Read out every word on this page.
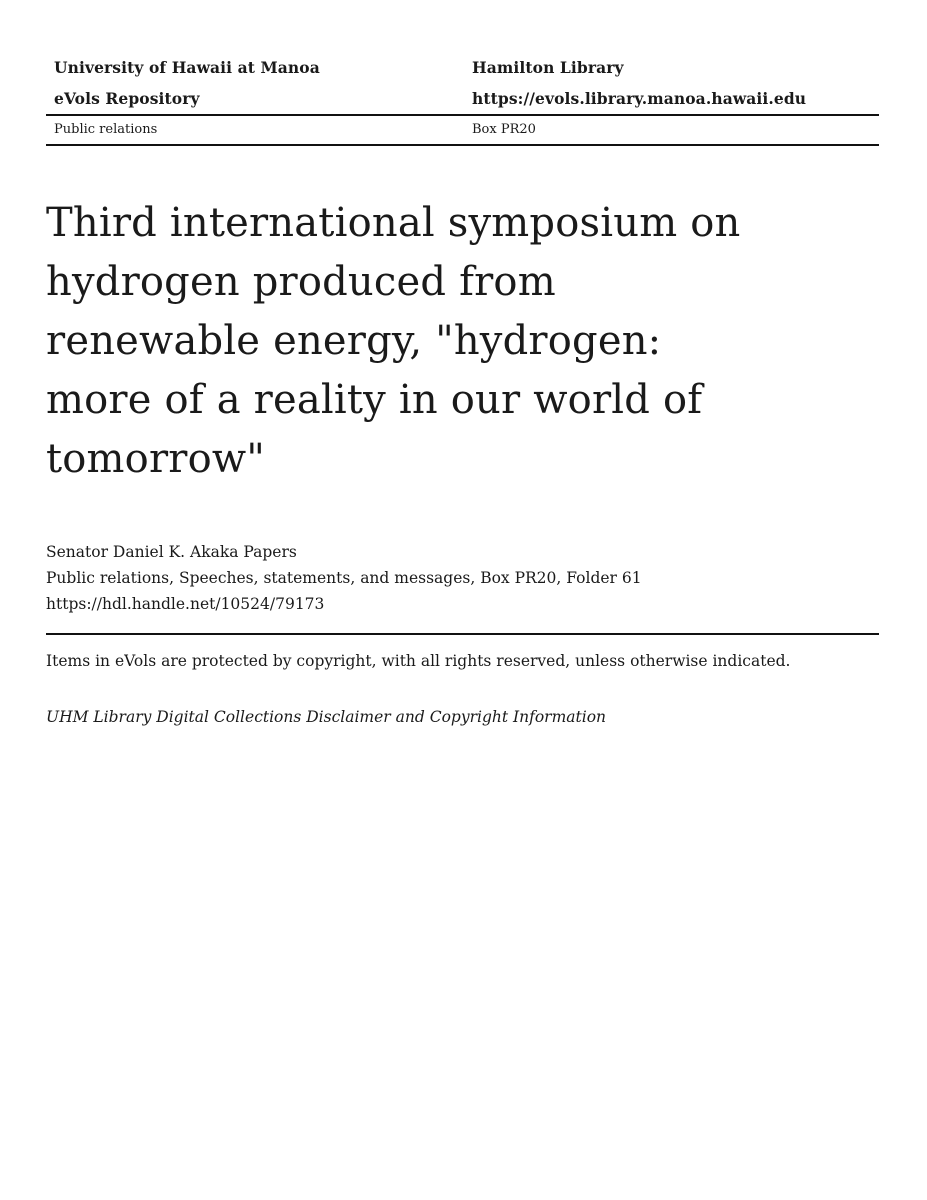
University of Hawaii at Manoa	Hamilton Library
eVols Repository	https://evols.library.manoa.hawaii.edu
Public relations	Box PR20
Third international symposium on hydrogen produced from renewable energy, "hydrogen: more of a reality in our world of tomorrow"
Senator Daniel K. Akaka Papers
Public relations, Speeches, statements, and messages, Box PR20, Folder 61
https://hdl.handle.net/10524/79173
Items in eVols are protected by copyright, with all rights reserved, unless otherwise indicated.
UHM Library Digital Collections Disclaimer and Copyright Information
